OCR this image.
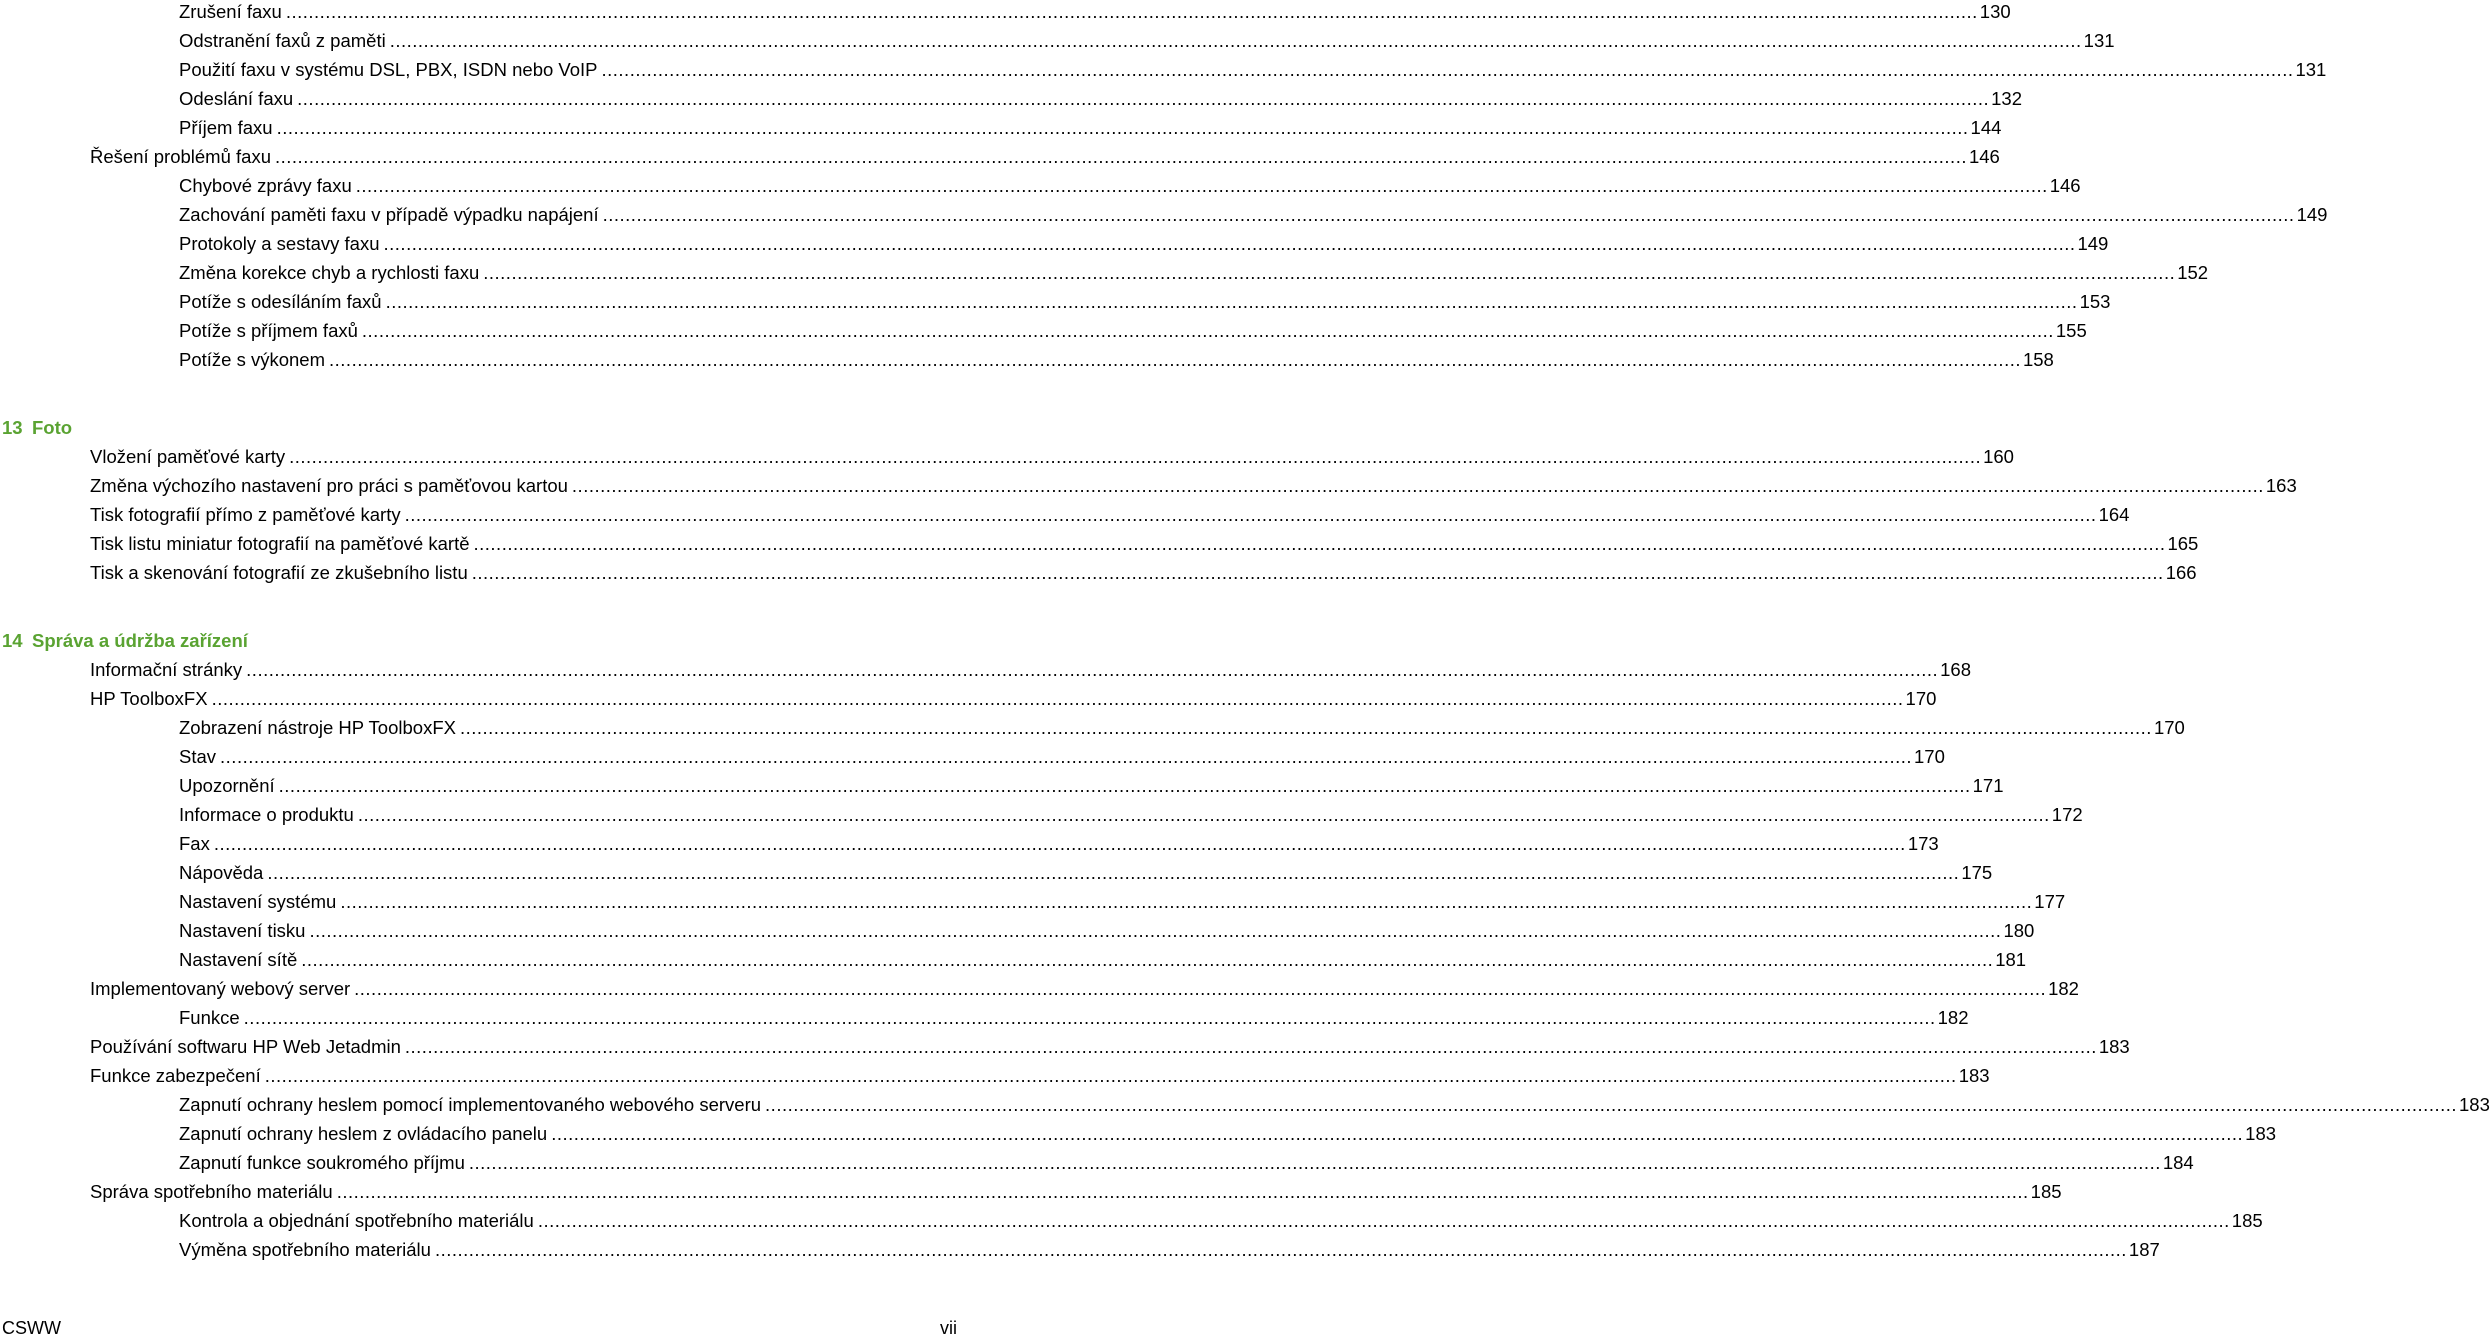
Zrušení faxu ............................................................................................................................................................................................................................................................................................................ 130
Odstranění faxů z paměti ............................................................................................................................................................................................................................................................................................................ 131
Použití faxu v systému DSL, PBX, ISDN nebo VoIP ............................................................................................................................................................................................................................................................................................................ 131
Odeslání faxu ............................................................................................................................................................................................................................................................................................................ 132
Příjem faxu ............................................................................................................................................................................................................................................................................................................ 144
Řešení problémů faxu ............................................................................................................................................................................................................................................................................................................ 146
Chybové zprávy faxu ............................................................................................................................................................................................................................................................................................................ 146
Zachování paměti faxu v případě výpadku napájení ............................................................................................................................................................................................................................................................................................................ 149
Protokoly a sestavy faxu ............................................................................................................................................................................................................................................................................................................ 149
Změna korekce chyb a rychlosti faxu ............................................................................................................................................................................................................................................................................................................ 152
Potíže s odesíláním faxů ............................................................................................................................................................................................................................................................................................................ 153
Potíže s příjmem faxů ............................................................................................................................................................................................................................................................................................................ 155
Potíže s výkonem ............................................................................................................................................................................................................................................................................................................ 158
13 Foto
Vložení paměťové karty ............................................................................................................................................................................................................................................................................................................ 160
Změna výchozího nastavení pro práci s paměťovou kartou ............................................................................................................................................................................................................................................................................................................ 163
Tisk fotografií přímo z paměťové karty ............................................................................................................................................................................................................................................................................................................ 164
Tisk listu miniatur fotografií na paměťové kartě ............................................................................................................................................................................................................................................................................................................ 165
Tisk a skenování fotografií ze zkušebního listu ............................................................................................................................................................................................................................................................................................................ 166
14 Správa a údržba zařízení
Informační stránky ............................................................................................................................................................................................................................................................................................................ 168
HP ToolboxFX ............................................................................................................................................................................................................................................................................................................ 170
Zobrazení nástroje HP ToolboxFX ............................................................................................................................................................................................................................................................................................................ 170
Stav ............................................................................................................................................................................................................................................................................................................ 170
Upozornění ............................................................................................................................................................................................................................................................................................................ 171
Informace o produktu ............................................................................................................................................................................................................................................................................................................ 172
Fax ............................................................................................................................................................................................................................................................................................................ 173
Nápověda ............................................................................................................................................................................................................................................................................................................ 175
Nastavení systému ............................................................................................................................................................................................................................................................................................................ 177
Nastavení tisku ............................................................................................................................................................................................................................................................................................................ 180
Nastavení sítě ............................................................................................................................................................................................................................................................................................................ 181
Implementovaný webový server ............................................................................................................................................................................................................................................................................................................ 182
Funkce ............................................................................................................................................................................................................................................................................................................ 182
Používání softwaru HP Web Jetadmin ............................................................................................................................................................................................................................................................................................................ 183
Funkce zabezpečení ............................................................................................................................................................................................................................................................................................................ 183
Zapnutí ochrany heslem pomocí implementovaného webového serveru ............................................................................................................................................................................................................................................................................................................ 183
Zapnutí ochrany heslem z ovládacího panelu ............................................................................................................................................................................................................................................................................................................ 183
Zapnutí funkce soukromého příjmu ............................................................................................................................................................................................................................................................................................................ 184
Správa spotřebního materiálu ............................................................................................................................................................................................................................................................................................................ 185
Kontrola a objednání spotřebního materiálu ............................................................................................................................................................................................................................................................................................................ 185
Výměna spotřebního materiálu ............................................................................................................................................................................................................................................................................................................ 187
CSWW	vii
